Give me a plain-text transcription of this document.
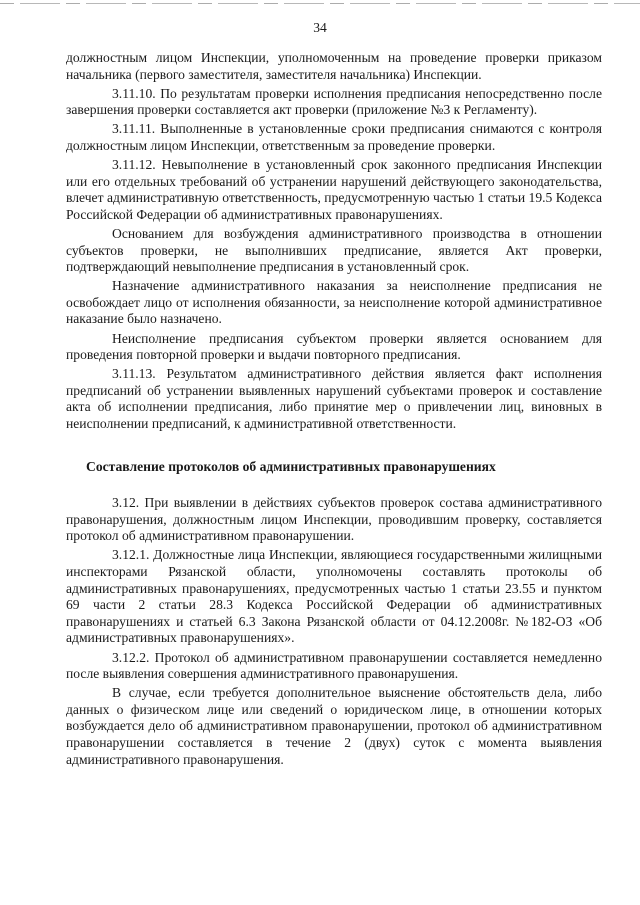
34
должностным лицом Инспекции, уполномоченным на проведение проверки приказом начальника (первого заместителя, заместителя начальника) Инспекции.
3.11.10. По результатам проверки исполнения предписания непосредственно после завершения проверки составляется акт проверки (приложение №3 к Регламенту).
3.11.11. Выполненные в установленные сроки предписания снимаются с контроля должностным лицом Инспекции, ответственным за проведение проверки.
3.11.12. Невыполнение в установленный срок законного предписания Инспекции или его отдельных требований об устранении нарушений действующего законодательства, влечет административную ответственность, предусмотренную частью 1 статьи 19.5 Кодекса Российской Федерации об административных правонарушениях.
Основанием для возбуждения административного производства в отношении субъектов проверки, не выполнивших предписание, является Акт проверки, подтверждающий невыполнение предписания в установленный срок.
Назначение административного наказания за неисполнение предписания не освобождает лицо от исполнения обязанности, за неисполнение которой административное наказание было назначено.
Неисполнение предписания субъектом проверки является основанием для проведения повторной проверки и выдачи повторного предписания.
3.11.13. Результатом административного действия является факт исполнения предписаний об устранении выявленных нарушений субъектами проверок и составление акта об исполнении предписания, либо принятие мер о привлечении лиц, виновных в неисполнении предписаний, к административной ответственности.
Составление протоколов об административных правонарушениях
3.12. При выявлении в действиях субъектов проверок состава административного правонарушения, должностным лицом Инспекции, проводившим проверку, составляется протокол об административном правонарушении.
3.12.1. Должностные лица Инспекции, являющиеся государственными жилищными инспекторами Рязанской области, уполномочены составлять протоколы об административных правонарушениях, предусмотренных частью 1 статьи 23.55 и пунктом 69 части 2 статьи 28.3 Кодекса Российской Федерации об административных правонарушениях и статьей 6.3 Закона Рязанской области от 04.12.2008г. №182-ОЗ «Об административных правонарушениях».
3.12.2. Протокол об административном правонарушении составляется немедленно после выявления совершения административного правонарушения.
В случае, если требуется дополнительное выяснение обстоятельств дела, либо данных о физическом лице или сведений о юридическом лице, в отношении которых возбуждается дело об административном правонарушении, протокол об административном правонарушении составляется в течение 2 (двух) суток с момента выявления административного правонарушения.
